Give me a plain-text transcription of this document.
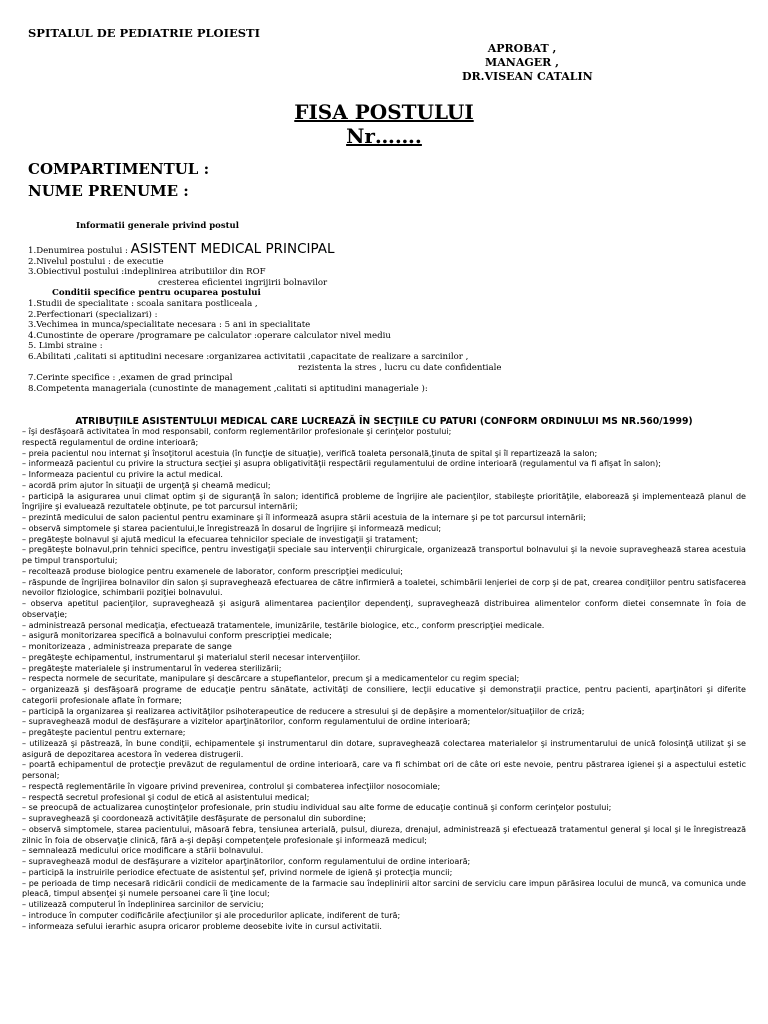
SPITALUL DE PEDIATRIE PLOIESTI
APROBAT ,
MANAGER ,
DR.VISEAN CATALIN
FISA POSTULUI
Nr…….
COMPARTIMENTUL :
NUME PRENUME :
Informatii generale privind postul
1.Denumirea postului : ASISTENT MEDICAL PRINCIPAL
2.Nivelul postului : de executie
3.Obiectivul postului :indeplinirea atributiilor din ROF
cresterea eficientei ingrijirii bolnavilor
Conditii specifice pentru ocuparea postului
1.Studii de specialitate : scoala sanitara postliceala ,
2.Perfectionari (specializari) :
3.Vechimea in munca/specialitate necesara : 5 ani in specialitate
4.Cunostinte de operare /programare pe calculator :operare calculator nivel mediu
5. Limbi straine :
6.Abilitati ,calitati si aptitudini necesare :organizarea activitatii ,capacitate de realizare a sarcinilor ,
rezistenta la stres , lucru cu date confidentiale
7.Cerinte specifice : ,examen de grad principal
8.Competenta manageriala (cunostinte de management ,calitati si aptitudini manageriale ):
ATRIBUŢIILE ASISTENTULUI MEDICAL CARE LUCREAZĂ ÎN SECŢIILE CU PATURI (CONFORM ORDINULUI MS NR.560/1999)
– îşi desfăşoară activitatea în mod responsabil, conform reglementărilor profesionale şi cerinţelor postului;
respectă regulamentul de ordine interioară;
– preia pacientul nou internat şi însoţitorul acestuia (în funcţie de situaţie), verifică toaleta personală,ţinuta de spital şi îl repartizează la salon;
– informează pacientul cu privire la structura secţiei şi asupra obligativităţii respectării regulamentului de ordine interioară (regulamentul va fi afişat în salon);
– Informeaza pacientul cu privire la actul medical.
– acordă prim ajutor în situaţii de urgenţă şi cheamă medicul;
- participă la asigurarea unui climat optim şi de siguranţă în salon; identifică probleme de îngrijire ale pacienţilor, stabileşte priorităţile, elaborează şi implementează planul de îngrijire şi evaluează rezultatele obţinute, pe tot parcursul internării;
– prezintă medicului de salon pacientul pentru examinare şi îl informează asupra stării acestuia de la internare şi pe tot parcursul internării;
– observă simptomele şi starea pacientului,le înregistrează în dosarul de îngrijire şi informează medicul;
– pregăteşte bolnavul şi ajută medicul la efecuarea tehnicilor speciale de investigaţii şi tratament;
– pregăteşte bolnavul,prin tehnici specifice, pentru investigaţii speciale sau intervenţii chirurgicale, organizează transportul bolnavului şi la nevoie supraveghează starea acestuia pe timpul transportului;
– recoltează produse biologice pentru examenele de laborator, conform prescripţiei medicului;
– răspunde de îngrijirea bolnavilor din salon şi supraveghează efectuarea de către infirmieră a toaletei, schimbării lenjeriei de corp şi de pat, crearea condiţiilor pentru satisfacerea nevoilor fiziologice, schimbarii poziţiei bolnavului.
– observa apetitul pacienţilor, supraveghează şi asigură alimentarea pacienţilor dependenţi, supraveghează distribuirea alimentelor conform dietei consemnate în foia de observaţie;
– administrează personal medicaţia, efectuează tratamentele, imunizările, testările biologice, etc., conform prescripţiei medicale.
– asigură monitorizarea specifică a bolnavului conform prescripţiei medicale;
– monitorizeaza , administreaza preparate de sange
– pregăteşte echipamentul, instrumentarul şi materialul steril necesar intervenţiilor.
– pregăteşte materialele şi instrumentarul în vederea sterilizării;
– respecta normele de securitate, manipulare şi descărcare a stupefiantelor, precum şi a medicamentelor cu regim special;
– organizează şi desfăşoară programe de educaţie pentru sănătate, activităţi de consiliere, lecţii educative şi demonstraţii practice, pentru pacienti, aparţinători şi diferite categorii profesionale aflate în formare;
– participă la organizarea şi realizarea activităţilor psihoterapeutice de reducere a stresului şi de depăşire a momentelor/situaţiilor de criză;
– supraveghează modul de desfăşurare a vizitelor aparţinătorilor, conform regulamentului de ordine interioară;
– pregăteşte pacientul pentru externare;
– utilizează şi păstrează, în bune condiţii, echipamentele şi instrumentarul din dotare, supraveghează colectarea materialelor şi instrumentarului de unică folosinţă utilizat şi se asigură de depozitarea acestora în vederea distrugerii.
– poartă echipamentul de protecţie prevăzut de regulamentul de ordine interioară, care va fi schimbat ori de câte ori este nevoie, pentru păstrarea igienei şi a aspectului estetic personal;
– respectă reglementările în vigoare privind prevenirea, controlul şi combaterea infecţiilor nosocomiale;
– respectă secretul profesional şi codul de etică al asistentului medical;
– se preocupă de actualizarea cunoştinţelor profesionale, prin studiu individual sau alte forme de educaţie continuă şi conform cerinţelor postului;
– supraveghează şi coordonează activităţile desfăşurate de personalul din subordine;
– observă simptomele, starea pacientului, măsoară febra, tensiunea arterială, pulsul, diureza, drenajul, administrează şi efectuează tratamentul general şi local şi le înregistrează zilnic în foia de observaţie clinică, fără a-şi depăşi competenţele profesionale şi informează medicul;
– semnalează medicului orice modificare a stării bolnavului.
– supraveghează modul de desfăşurare a vizitelor aparţinătorilor, conform regulamentului de ordine interioară;
– participă la instruirile periodice efectuate de asistentul şef, privind normele de igienă şi protecţia muncii;
– pe perioada de timp necesară ridicării condicii de medicamente de la farmacie sau îndeplinirii altor sarcini de serviciu care impun părăsirea locului de muncă, va comunica unde pleacă, timpul absenţei şi numele persoanei care îi ţine locul;
– utilizează computerul în îndeplinirea sarcinilor de serviciu;
– introduce în computer codificările afecţiunilor şi ale procedurilor aplicate, indiferent de tură;
– informeaza sefului ierarhic asupra oricaror probleme deosebite ivite in cursul activitatii.
